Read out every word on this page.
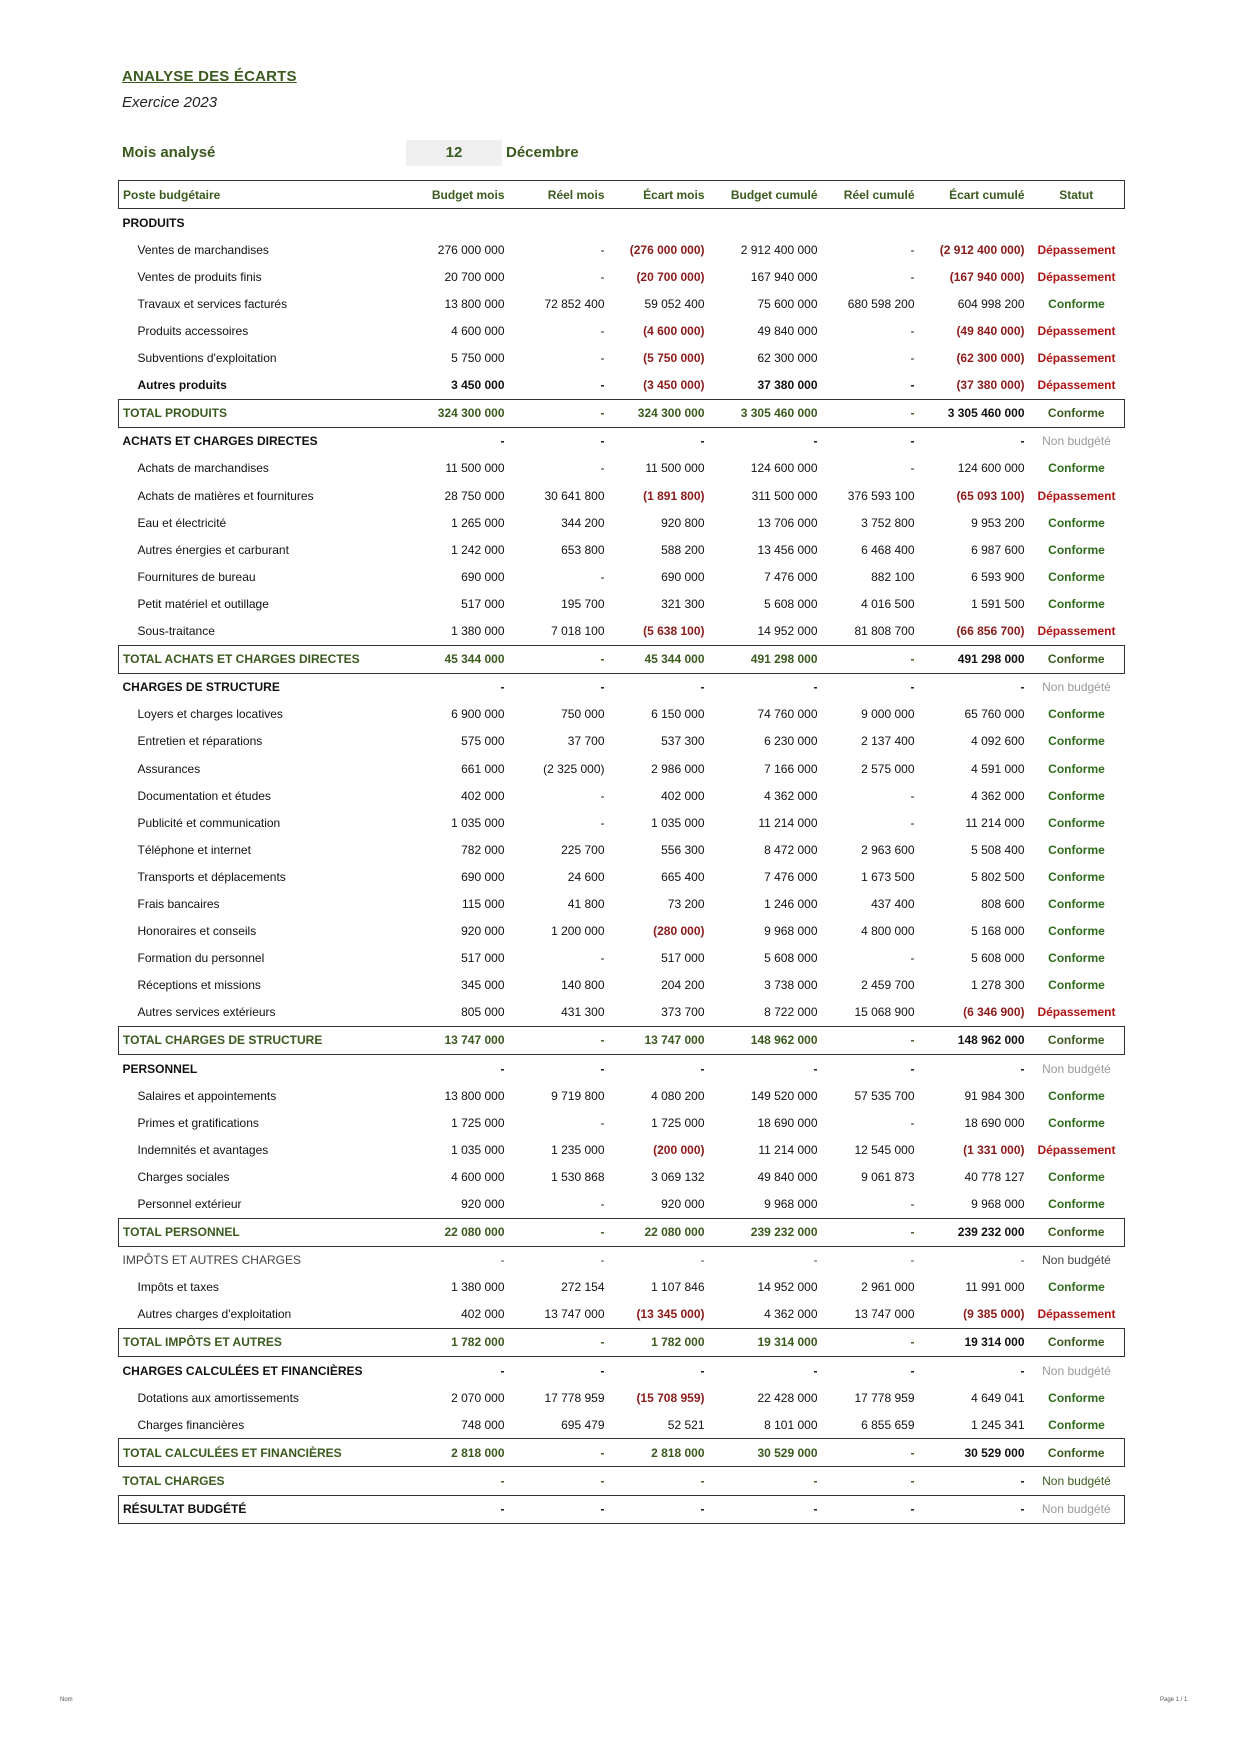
ANALYSE DES ÉCARTS
Exercice 2023
Mois analysé	12	Décembre
Poste budgétaire	Budget mois	Réel mois	Écart mois	Budget cumulé	Réel cumulé	Écart cumulé	Statut
PRODUITS							
Ventes de marchandises	276 000 000	-	(276 000 000)	2 912 400 000	-	(2 912 400 000)	Dépassement
Ventes de produits finis	20 700 000	-	(20 700 000)	167 940 000	-	(167 940 000)	Dépassement
Travaux et services facturés	13 800 000	72 852 400	59 052 400	75 600 000	680 598 200	604 998 200	Conforme
Produits accessoires	4 600 000	-	(4 600 000)	49 840 000	-	(49 840 000)	Dépassement
Subventions d'exploitation	5 750 000	-	(5 750 000)	62 300 000	-	(62 300 000)	Dépassement
Autres produits	3 450 000	-	(3 450 000)	37 380 000	-	(37 380 000)	Dépassement
TOTAL PRODUITS	324 300 000	-	324 300 000	3 305 460 000	-	3 305 460 000	Conforme
ACHATS ET CHARGES DIRECTES	-	-	-	-	-	-	Non budgété
Achats de marchandises	11 500 000	-	11 500 000	124 600 000	-	124 600 000	Conforme
Achats de matières et fournitures	28 750 000	30 641 800	(1 891 800)	311 500 000	376 593 100	(65 093 100)	Dépassement
Eau et électricité	1 265 000	344 200	920 800	13 706 000	3 752 800	9 953 200	Conforme
Autres énergies et carburant	1 242 000	653 800	588 200	13 456 000	6 468 400	6 987 600	Conforme
Fournitures de bureau	690 000	-	690 000	7 476 000	882 100	6 593 900	Conforme
Petit matériel et outillage	517 000	195 700	321 300	5 608 000	4 016 500	1 591 500	Conforme
Sous-traitance	1 380 000	7 018 100	(5 638 100)	14 952 000	81 808 700	(66 856 700)	Dépassement
TOTAL ACHATS ET CHARGES DIRECTES	45 344 000	-	45 344 000	491 298 000	-	491 298 000	Conforme
CHARGES DE STRUCTURE	-	-	-	-	-	-	Non budgété
Loyers et charges locatives	6 900 000	750 000	6 150 000	74 760 000	9 000 000	65 760 000	Conforme
Entretien et réparations	575 000	37 700	537 300	6 230 000	2 137 400	4 092 600	Conforme
Assurances	661 000	(2 325 000)	2 986 000	7 166 000	2 575 000	4 591 000	Conforme
Documentation et études	402 000	-	402 000	4 362 000	-	4 362 000	Conforme
Publicité et communication	1 035 000	-	1 035 000	11 214 000	-	11 214 000	Conforme
Téléphone et internet	782 000	225 700	556 300	8 472 000	2 963 600	5 508 400	Conforme
Transports et déplacements	690 000	24 600	665 400	7 476 000	1 673 500	5 802 500	Conforme
Frais bancaires	115 000	41 800	73 200	1 246 000	437 400	808 600	Conforme
Honoraires et conseils	920 000	1 200 000	(280 000)	9 968 000	4 800 000	5 168 000	Conforme
Formation du personnel	517 000	-	517 000	5 608 000	-	5 608 000	Conforme
Réceptions et missions	345 000	140 800	204 200	3 738 000	2 459 700	1 278 300	Conforme
Autres services extérieurs	805 000	431 300	373 700	8 722 000	15 068 900	(6 346 900)	Dépassement
TOTAL CHARGES DE STRUCTURE	13 747 000	-	13 747 000	148 962 000	-	148 962 000	Conforme
PERSONNEL	-	-	-	-	-	-	Non budgété
Salaires et appointements	13 800 000	9 719 800	4 080 200	149 520 000	57 535 700	91 984 300	Conforme
Primes et gratifications	1 725 000	-	1 725 000	18 690 000	-	18 690 000	Conforme
Indemnités et avantages	1 035 000	1 235 000	(200 000)	11 214 000	12 545 000	(1 331 000)	Dépassement
Charges sociales	4 600 000	1 530 868	3 069 132	49 840 000	9 061 873	40 778 127	Conforme
Personnel extérieur	920 000	-	920 000	9 968 000	-	9 968 000	Conforme
TOTAL PERSONNEL	22 080 000	-	22 080 000	239 232 000	-	239 232 000	Conforme
IMPÔTS ET AUTRES CHARGES	-	-	-	-	-	-	Non budgété
Impôts et taxes	1 380 000	272 154	1 107 846	14 952 000	2 961 000	11 991 000	Conforme
Autres charges d'exploitation	402 000	13 747 000	(13 345 000)	4 362 000	13 747 000	(9 385 000)	Dépassement
TOTAL IMPÔTS ET AUTRES	1 782 000	-	1 782 000	19 314 000	-	19 314 000	Conforme
CHARGES CALCULÉES ET FINANCIÈRES	-	-	-	-	-	-	Non budgété
Dotations aux amortissements	2 070 000	17 778 959	(15 708 959)	22 428 000	17 778 959	4 649 041	Conforme
Charges financières	748 000	695 479	52 521	8 101 000	6 855 659	1 245 341	Conforme
TOTAL CALCULÉES ET FINANCIÈRES	2 818 000	-	2 818 000	30 529 000	-	30 529 000	Conforme
TOTAL CHARGES	-	-	-	-	-	-	Non budgété
RÉSULTAT BUDGÉTÉ	-	-	-	-	-	-	Non budgété
Nom	Page 1 / 1
